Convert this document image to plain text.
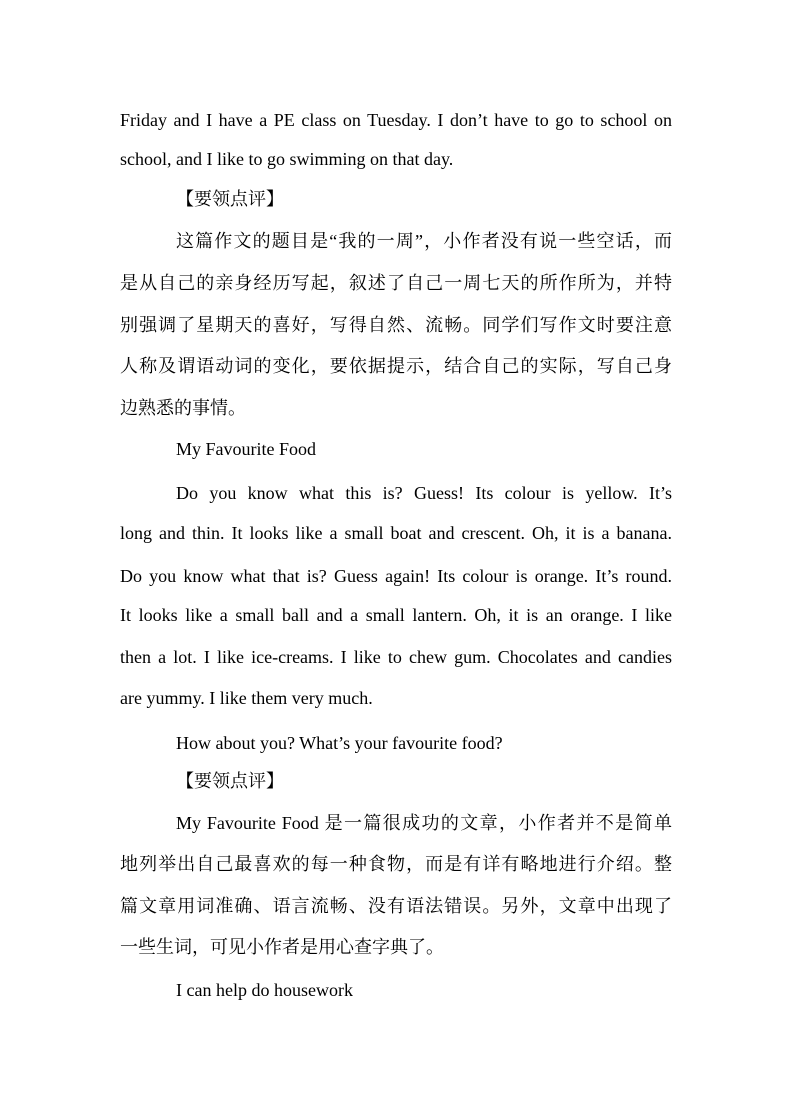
Friday and I have a PE class on Tuesday. I don’t have to go to school on
school, and I like to go swimming on that day.
【要领点评】
这篇作文的题目是“我的一周”，小作者没有说一些空话，而
是从自己的亲身经历写起，叙述了自己一周七天的所作所为，并特
别强调了星期天的喜好，写得自然、流畅。同学们写作文时要注意
人称及谓语动词的变化，要依据提示，结合自己的实际，写自己身
边熟悉的事情。
My Favourite Food
Do you know what this is? Guess! Its colour is yellow. It’s
long and thin. It looks like a small boat and crescent. Oh, it is a banana.
Do you know what that is? Guess again! Its colour is orange. It’s round.
It looks like a small ball and a small lantern. Oh, it is an orange. I like
then a lot. I like ice-creams. I like to chew gum. Chocolates and candies
are yummy. I like them very much.
How about you? What’s your favourite food?
【要领点评】
My Favourite Food 是一篇很成功的文章，小作者并不是简单
地列举出自己最喜欢的每一种食物，而是有详有略地进行介绍。整
篇文章用词准确、语言流畅、没有语法错误。另外，文章中出现了
一些生词，可见小作者是用心查字典了。
I can help do housework
